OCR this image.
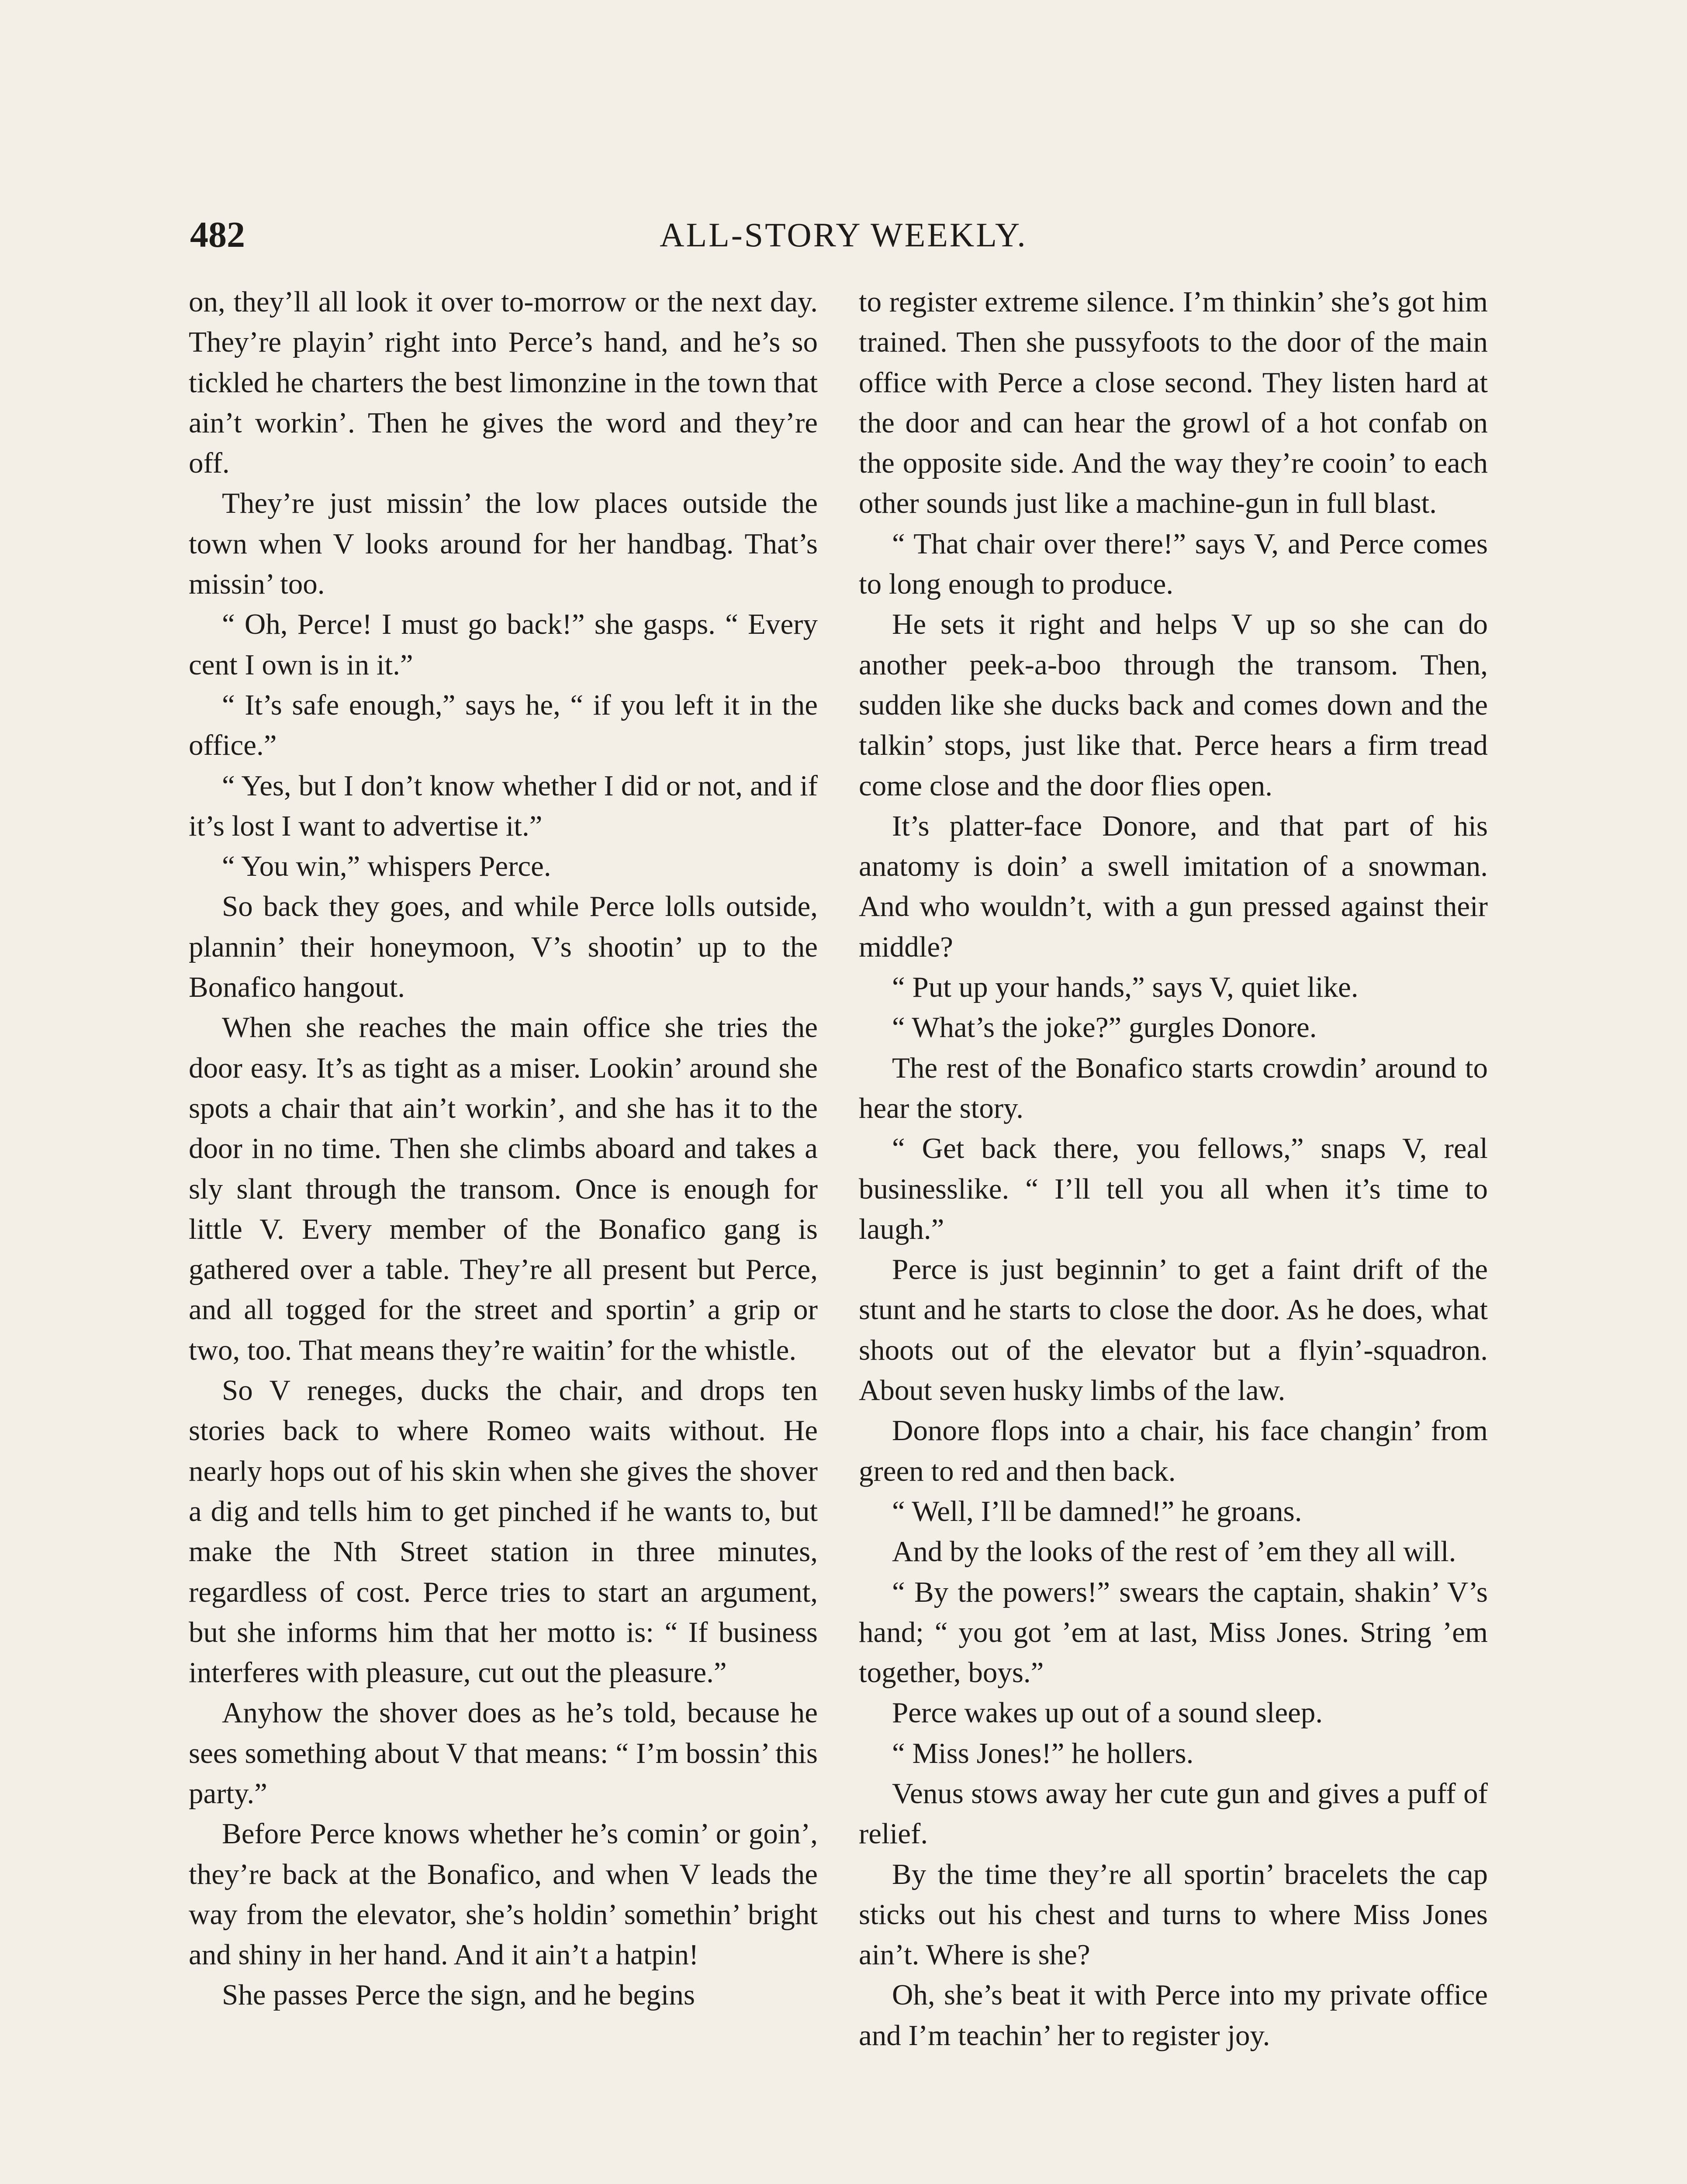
482	ALL-STORY WEEKLY.

on, they’ll all look it over to-morrow or the next day. They’re playin’ right into Perce’s hand, and he’s so tickled he charters the best limonzine in the town that ain’t workin’. Then he gives the word and they’re off.

They’re just missin’ the low places outside the town when V looks around for her handbag. That’s missin’ too.

“ Oh, Perce! I must go back!” she gasps. “ Every cent I own is in it.”

“ It’s safe enough,” says he, “ if you left it in the office.”

“ Yes, but I don’t know whether I did or not, and if it’s lost I want to advertise it.”

“ You win,” whispers Perce.

So back they goes, and while Perce lolls outside, plannin’ their honeymoon, V’s shootin’ up to the Bonafico hangout.

When she reaches the main office she tries the door easy. It’s as tight as a miser. Lookin’ around she spots a chair that ain’t workin’, and she has it to the door in no time. Then she climbs aboard and takes a sly slant through the transom. Once is enough for little V. Every member of the Bonafico gang is gathered over a table. They’re all present but Perce, and all togged for the street and sportin’ a grip or two, too. That means they’re waitin’ for the whistle.

So V reneges, ducks the chair, and drops ten stories back to where Romeo waits without. He nearly hops out of his skin when she gives the shover a dig and tells him to get pinched if he wants to, but make the Nth Street station in three minutes, regardless of cost. Perce tries to start an argument, but she informs him that her motto is: “ If business interferes with pleasure, cut out the pleasure.”

Anyhow the shover does as he’s told, because he sees something about V that means: “ I’m bossin’ this party.”

Before Perce knows whether he’s comin’ or goin’, they’re back at the Bonafico, and when V leads the way from the elevator, she’s holdin’ somethin’ bright and shiny in her hand. And it ain’t a hatpin!

She passes Perce the sign, and he begins

to register extreme silence. I’m thinkin’ she’s got him trained. Then she pussyfoots to the door of the main office with Perce a close second. They listen hard at the door and can hear the growl of a hot confab on the opposite side. And the way they’re cooin’ to each other sounds just like a machine-gun in full blast.

“ That chair over there!” says V, and Perce comes to long enough to produce.

He sets it right and helps V up so she can do another peek-a-boo through the transom. Then, sudden like she ducks back and comes down and the talkin’ stops, just like that. Perce hears a firm tread come close and the door flies open.

It’s platter-face Donore, and that part of his anatomy is doin’ a swell imitation of a snowman. And who wouldn’t, with a gun pressed against their middle?

“ Put up your hands,” says V, quiet like.

“ What’s the joke?” gurgles Donore.

The rest of the Bonafico starts crowdin’ around to hear the story.

“ Get back there, you fellows,” snaps V, real businesslike. “ I’ll tell you all when it’s time to laugh.”

Perce is just beginnin’ to get a faint drift of the stunt and he starts to close the door. As he does, what shoots out of the elevator but a flyin’-squadron. About seven husky limbs of the law.

Donore flops into a chair, his face changin’ from green to red and then back.

“ Well, I’ll be damned!” he groans.

And by the looks of the rest of ’em they all will.

“ By the powers!” swears the captain, shakin’ V’s hand; “ you got ’em at last, Miss Jones. String ’em together, boys.”

Perce wakes up out of a sound sleep.

“ Miss Jones!” he hollers.

Venus stows away her cute gun and gives a puff of relief.

By the time they’re all sportin’ bracelets the cap sticks out his chest and turns to where Miss Jones ain’t. Where is she?

Oh, she’s beat it with Perce into my private office and I’m teachin’ her to register joy.
